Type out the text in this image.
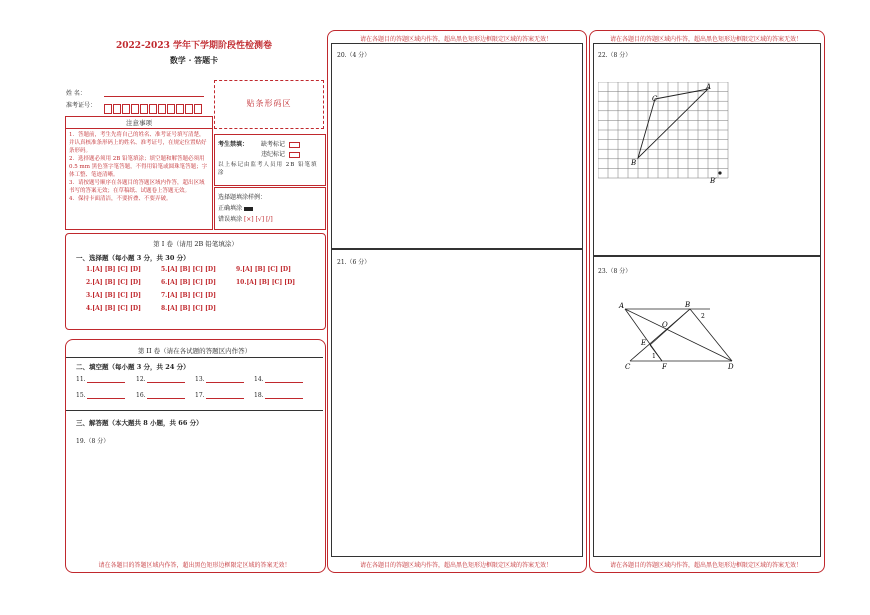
2022-2023 学年下学期阶段性检测卷
数学 · 答题卡
姓 名：
准考证号：	贴条形码区
注意事项
1．答题前，考生先将自己的姓名、准考证号填写清楚，并认真核准条形码上的姓名、准考证号，在规定位置贴好条形码。
2．选择题必须用 2B 铅笔填涂；填空题和解答题必须用 0.5 mm 黑色签字笔答题，不得用铅笔或圆珠笔答题；字体工整、笔迹清晰。
3．请按题号顺序在各题目的答题区域内作答，超出区域书写的答案无效；在草稿纸、试题卷上答题无效。
4．保持卡面清洁，不要折叠、不要弄破。
考生禁填： 缺考标记
违纪标记
以上标记由监考人员用 2B 铅笔填涂
选择题填涂样例：
正确填涂
错误填涂 [×] [√] [/]
第 I 卷（请用 2B 铅笔填涂）
一、选择题（每小题 3 分，共 30 分）
1.[A] [B] [C] [D]
2.[A] [B] [C] [D]
3.[A] [B] [C] [D]
4.[A] [B] [C] [D]
5.[A] [B] [C] [D]
6.[A] [B] [C] [D]
7.[A] [B] [C] [D]
8.[A] [B] [C] [D]
9.[A] [B] [C] [D]
10.[A] [B] [C] [D]
第 II 卷（请在各试题的答题区内作答）
二、填空题（每小题 3 分，共 24 分）
11.	12.	13.	14.
15.	16.	17.	18.
三、解答题（本大题共 8 小题，共 66 分）
19.（8 分）
请在各题目的答题区域内作答，超出黑色矩形边框限定区域的答案无效！
请在各题目的答题区域内作答，超出黑色矩形边框限定区域的答案无效！
20.（4 分）
21.（6 分）
请在各题目的答题区域内作答，超出黑色矩形边框限定区域的答案无效！
请在各题目的答题区域内作答，超出黑色矩形边框限定区域的答案无效！
22.（8 分）
A
C
B
B′
23.（8 分）
A	B
2
O
E
1
C	F	D
请在各题目的答题区域内作答，超出黑色矩形边框限定区域的答案无效！
